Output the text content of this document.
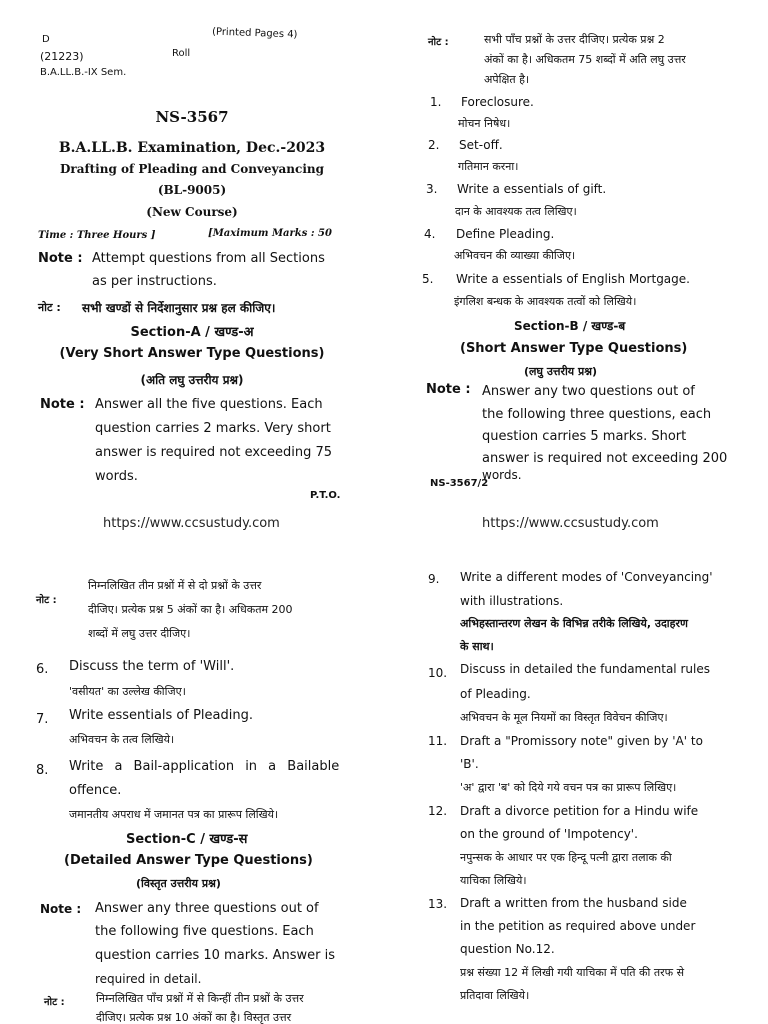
D	(Printed Pages 4)
(21223)	Roll
B.A.LL.B.-IX Sem.
NS-3567
B.A.LL.B. Examination, Dec.-2023
Drafting of Pleading and Conveyancing
(BL-9005)
(New Course)
Time : Three Hours ]	[Maximum Marks : 50
Note : Attempt questions from all Sections
as per instructions.
नोट : सभी खण्डों से निर्देशानुसार प्रश्न हल कीजिए।
Section-A / खण्ड-अ
(Very Short Answer Type Questions)
(अति लघु उत्तरीय प्रश्न)
Note : Answer all the five questions. Each
question carries 2 marks. Very short
answer is required not exceeding 75
words.
P.T.O.
https://www.ccsustudy.com
नोट :	सभी पाँच प्रश्नों के उत्तर दीजिए। प्रत्येक प्रश्न 2
अंकों का है। अधिकतम 75 शब्दों में अति लघु उत्तर
अपेक्षित है।
1. Foreclosure.
मोचन निषेध।
2. Set-off.
गतिमान करना।
3. Write a essentials of gift.
दान के आवश्यक तत्व लिखिए।
4. Define Pleading.
अभिवचन की व्याख्या कीजिए।
5. Write a essentials of English Mortgage.
इंगलिश बन्धक के आवश्यक तत्वों को लिखिये।
Section-B / खण्ड-ब
(Short Answer Type Questions)
(लघु उत्तरीय प्रश्न)
Note : Answer any two questions out of
the following three questions, each
question carries 5 marks. Short
answer is required not exceeding 200
words.
NS-3567/2
https://www.ccsustudy.com
नोट :
निम्नलिखित तीन प्रश्नों में से दो प्रश्नों के उत्तर
दीजिए। प्रत्येक प्रश्न 5 अंकों का है। अधिकतम 200
शब्दों में लघु उत्तर दीजिए।
6. Discuss the term of 'Will'.
'वसीयत' का उल्लेख कीजिए।
7. Write essentials of Pleading.
अभिवचन के तत्व लिखिये।
8. Write a Bail-application in a Bailable
offence.
जमानतीय अपराध में जमानत पत्र का प्रारूप लिखिये।
Section-C / खण्ड-स
(Detailed Answer Type Questions)
(विस्तृत उत्तरीय प्रश्न)
Note : Answer any three questions out of
the following five questions. Each
question carries 10 marks. Answer is
required in detail.
नोट :	निम्नलिखित पाँच प्रश्नों में से किन्हीं तीन प्रश्नों के उत्तर
दीजिए। प्रत्येक प्रश्न 10 अंकों का है। विस्तृत उत्तर
9. Write a different modes of 'Conveyancing'
with illustrations.
अभिहस्तान्तरण लेखन के विभिन्न तरीके लिखिये, उदाहरण
के साथ।
10. Discuss in detailed the fundamental rules
of Pleading.
अभिवचन के मूल नियमों का विस्तृत विवेचन कीजिए।
11. Draft a "Promissory note" given by 'A' to
'B'.
'अ' द्वारा 'ब' को दिये गये वचन पत्र का प्रारूप लिखिए।
12. Draft a divorce petition for a Hindu wife
on the ground of 'Impotency'.
नपुन्सक के आधार पर एक हिन्दू पत्नी द्वारा तलाक की
याचिका लिखिये।
13. Draft a written from the husband side
in the petition as required above under
question No.12.
प्रश्न संख्या 12 में लिखी गयी याचिका में पति की तरफ से
प्रतिदावा लिखिये।
